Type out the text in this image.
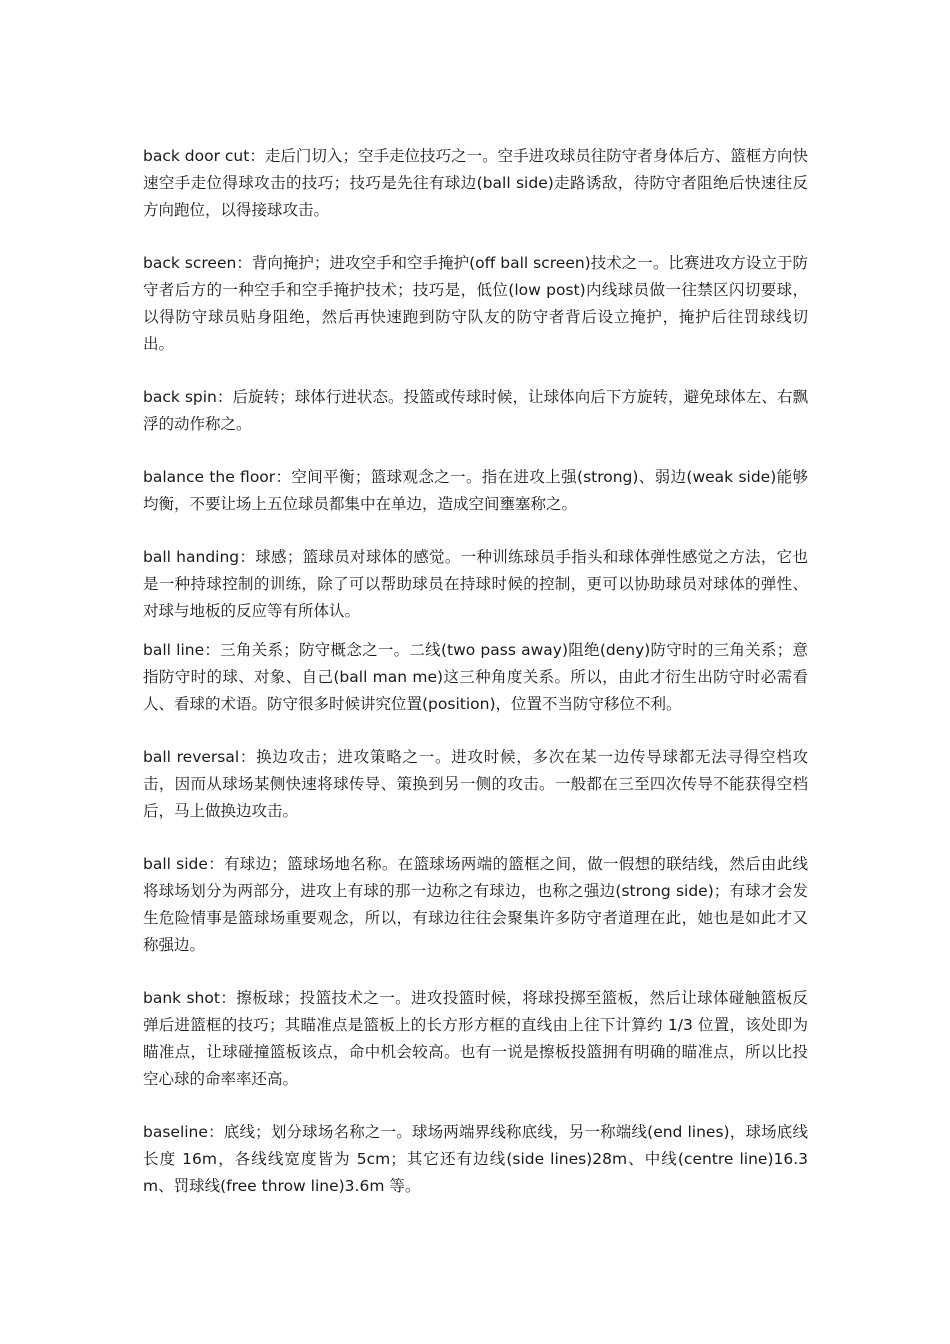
back door cut：走后门切入；空手走位技巧之一。空手进攻球员往防守者身体后方、篮框方向快速空手走位得球攻击的技巧；技巧是先往有球边(ball side)走路诱敌，待防守者阻绝后快速往反方向跑位，以得接球攻击。

back screen：背向掩护；进攻空手和空手掩护(off ball screen)技术之一。比赛进攻方设立于防守者后方的一种空手和空手掩护技术；技巧是，低位(low post)内线球员做一往禁区闪切要球，以得防守球员贴身阻绝，然后再快速跑到防守队友的防守者背后设立掩护，掩护后往罚球线切出。

back spin：后旋转；球体行进状态。投篮或传球时候，让球体向后下方旋转，避免球体左、右飘浮的动作称之。

balance the floor：空间平衡；篮球观念之一。指在进攻上强(strong)、弱边(weak side)能够均衡，不要让场上五位球员都集中在单边，造成空间壅塞称之。

ball handing：球感；篮球员对球体的感觉。一种训练球员手指头和球体弹性感觉之方法，它也是一种持球控制的训练，除了可以帮助球员在持球时候的控制，更可以协助球员对球体的弹性、对球与地板的反应等有所体认。

ball line：三角关系；防守概念之一。二线(two pass away)阻绝(deny)防守时的三角关系；意指防守时的球、对象、自己(ball man me)这三种角度关系。所以，由此才衍生出防守时必需看人、看球的术语。防守很多时候讲究位置(position)，位置不当防守移位不利。

ball reversal：换边攻击；进攻策略之一。进攻时候，多次在某一边传导球都无法寻得空档攻击，因而从球场某侧快速将球传导、策换到另一侧的攻击。一般都在三至四次传导不能获得空档后，马上做换边攻击。

ball side：有球边；篮球场地名称。在篮球场两端的篮框之间，做一假想的联结线，然后由此线将球场划分为两部分，进攻上有球的那一边称之有球边，也称之强边(strong side)；有球才会发生危险情事是篮球场重要观念，所以，有球边往往会聚集许多防守者道理在此，她也是如此才又称强边。

bank shot：擦板球；投篮技术之一。进攻投篮时候，将球投掷至篮板，然后让球体碰触篮板反弹后进篮框的技巧；其瞄准点是篮板上的长方形方框的直线由上往下计算约 1/3 位置，该处即为瞄准点，让球碰撞篮板该点，命中机会较高。也有一说是擦板投篮拥有明确的瞄准点，所以比投空心球的命率率还高。

baseline：底线；划分球场名称之一。球场两端界线称底线，另一称端线(end lines)，球场底线长度 16m，各线线宽度皆为 5cm；其它还有边线(side lines)28m、中线(centre line)16.3m、罚球线(free throw line)3.6m 等。
